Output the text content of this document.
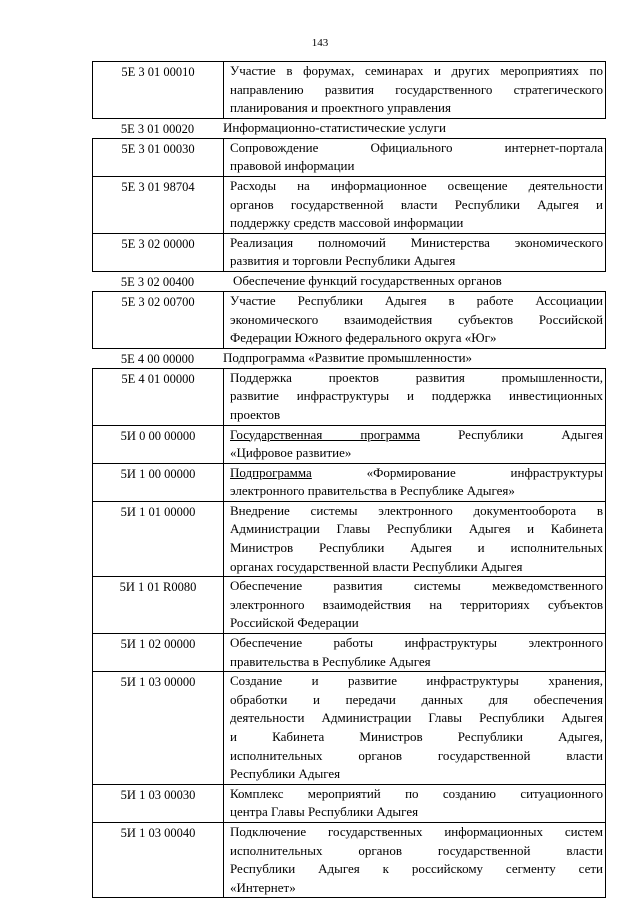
143
5E 3 01 00010	Участие в форумах, семинарах и других мероприятиях по
направлению развития государственного стратегического
планирования и проектного управления
5E 3 01 00020	Информационно-статистические услуги
5E 3 01 00030	Сопровождение Официального интернет-портала
правовой информации
5E 3 01 98704	Расходы на информационное освещение деятельности
органов государственной власти Республики Адыгея и
поддержку средств массовой информации
5E 3 02 00000	Реализация полномочий Министерства экономического
развития и торговли Республики Адыгея
5E 3 02 00400	Обеспечение функций государственных органов
5E 3 02 00700	Участие Республики Адыгея в работе Ассоциации
экономического взаимодействия субъектов Российской
Федерации Южного федерального округа «Юг»
5E 4 00 00000	Подпрограмма «Развитие промышленности»
5E 4 01 00000	Поддержка проектов развития промышленности,
развитие инфраструктуры и поддержка инвестиционных
проектов
5И 0 00 00000	Государственная программа Республики Адыгея
«Цифровое развитие»
5И 1 00 00000	Подпрограмма «Формирование инфраструктуры
электронного правительства в Республике Адыгея»
5И 1 01 00000	Внедрение системы электронного документооборота в
Администрации Главы Республики Адыгея и Кабинета
Министров Республики Адыгея и исполнительных
органах государственной власти Республики Адыгея
5И 1 01 R0080	Обеспечение развития системы межведомственного
электронного взаимодействия на территориях субъектов
Российской Федерации
5И 1 02 00000	Обеспечение работы инфраструктуры электронного
правительства в Республике Адыгея
5И 1 03 00000	Создание и развитие инфраструктуры хранения,
обработки и передачи данных для обеспечения
деятельности Администрации Главы Республики Адыгея
и Кабинета Министров Республики Адыгея,
исполнительных органов государственной власти
Республики Адыгея
5И 1 03 00030	Комплекс мероприятий по созданию ситуационного
центра Главы Республики Адыгея
5И 1 03 00040	Подключение государственных информационных систем
исполнительных органов государственной власти
Республики Адыгея к российскому сегменту сети
«Интернет»
